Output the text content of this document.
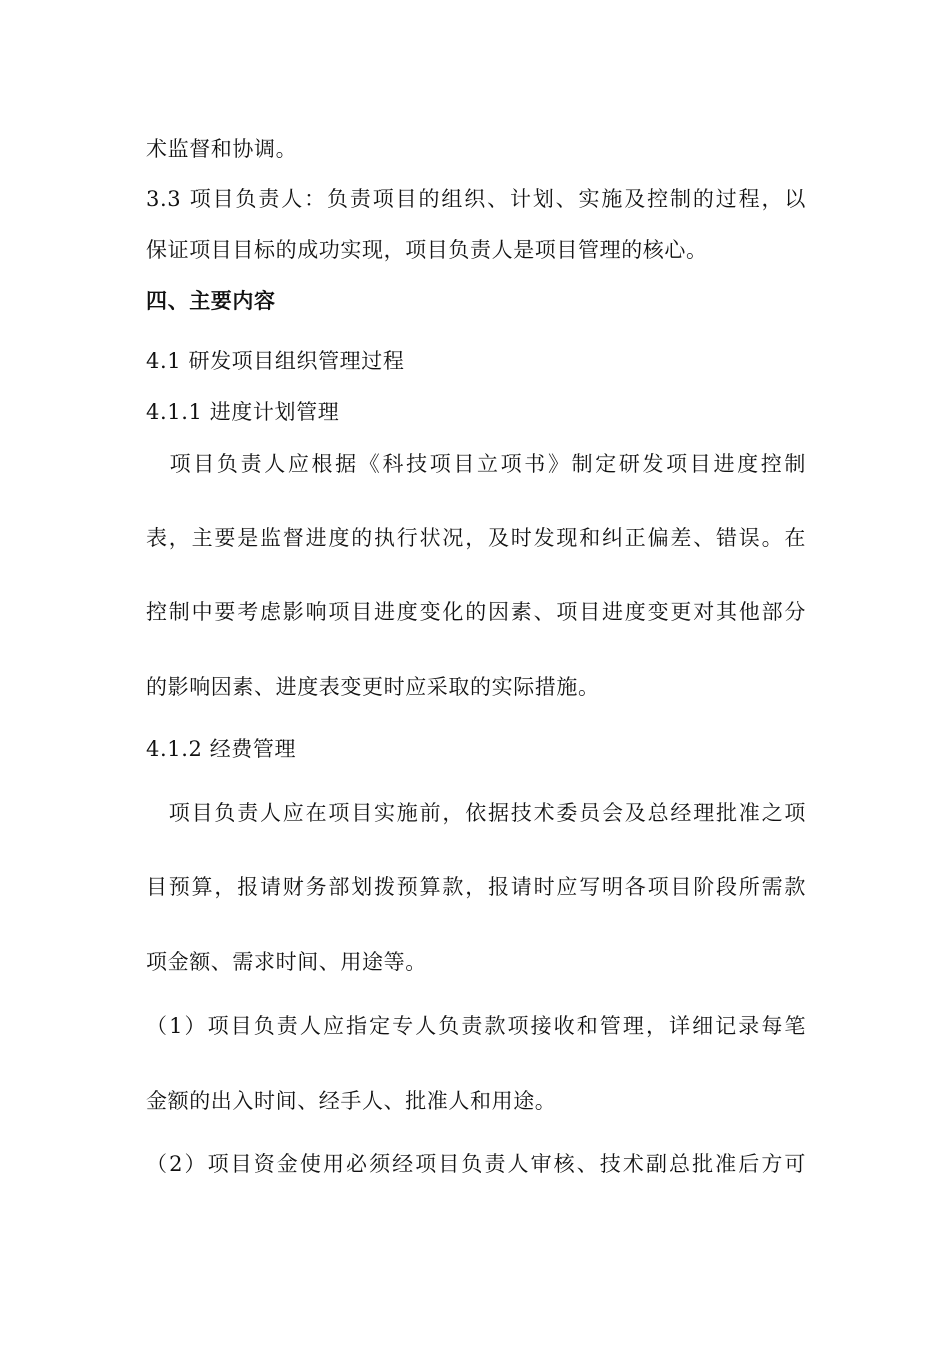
术监督和协调。
3.3 项目负责人：负责项目的组织、计划、实施及控制的过程，以
保证项目目标的成功实现，项目负责人是项目管理的核心。
四、主要内容
4.1 研发项目组织管理过程
4.1.1 进度计划管理
　项目负责人应根据《科技项目立项书》制定研发项目进度控制
表，主要是监督进度的执行状况，及时发现和纠正偏差、错误。在
控制中要考虑影响项目进度变化的因素、项目进度变更对其他部分
的影响因素、进度表变更时应采取的实际措施。
4.1.2 经费管理
　项目负责人应在项目实施前，依据技术委员会及总经理批准之项
目预算，报请财务部划拨预算款，报请时应写明各项目阶段所需款
项金额、需求时间、用途等。
（1）项目负责人应指定专人负责款项接收和管理，详细记录每笔
金额的出入时间、经手人、批准人和用途。
（2）项目资金使用必须经项目负责人审核、技术副总批准后方可
